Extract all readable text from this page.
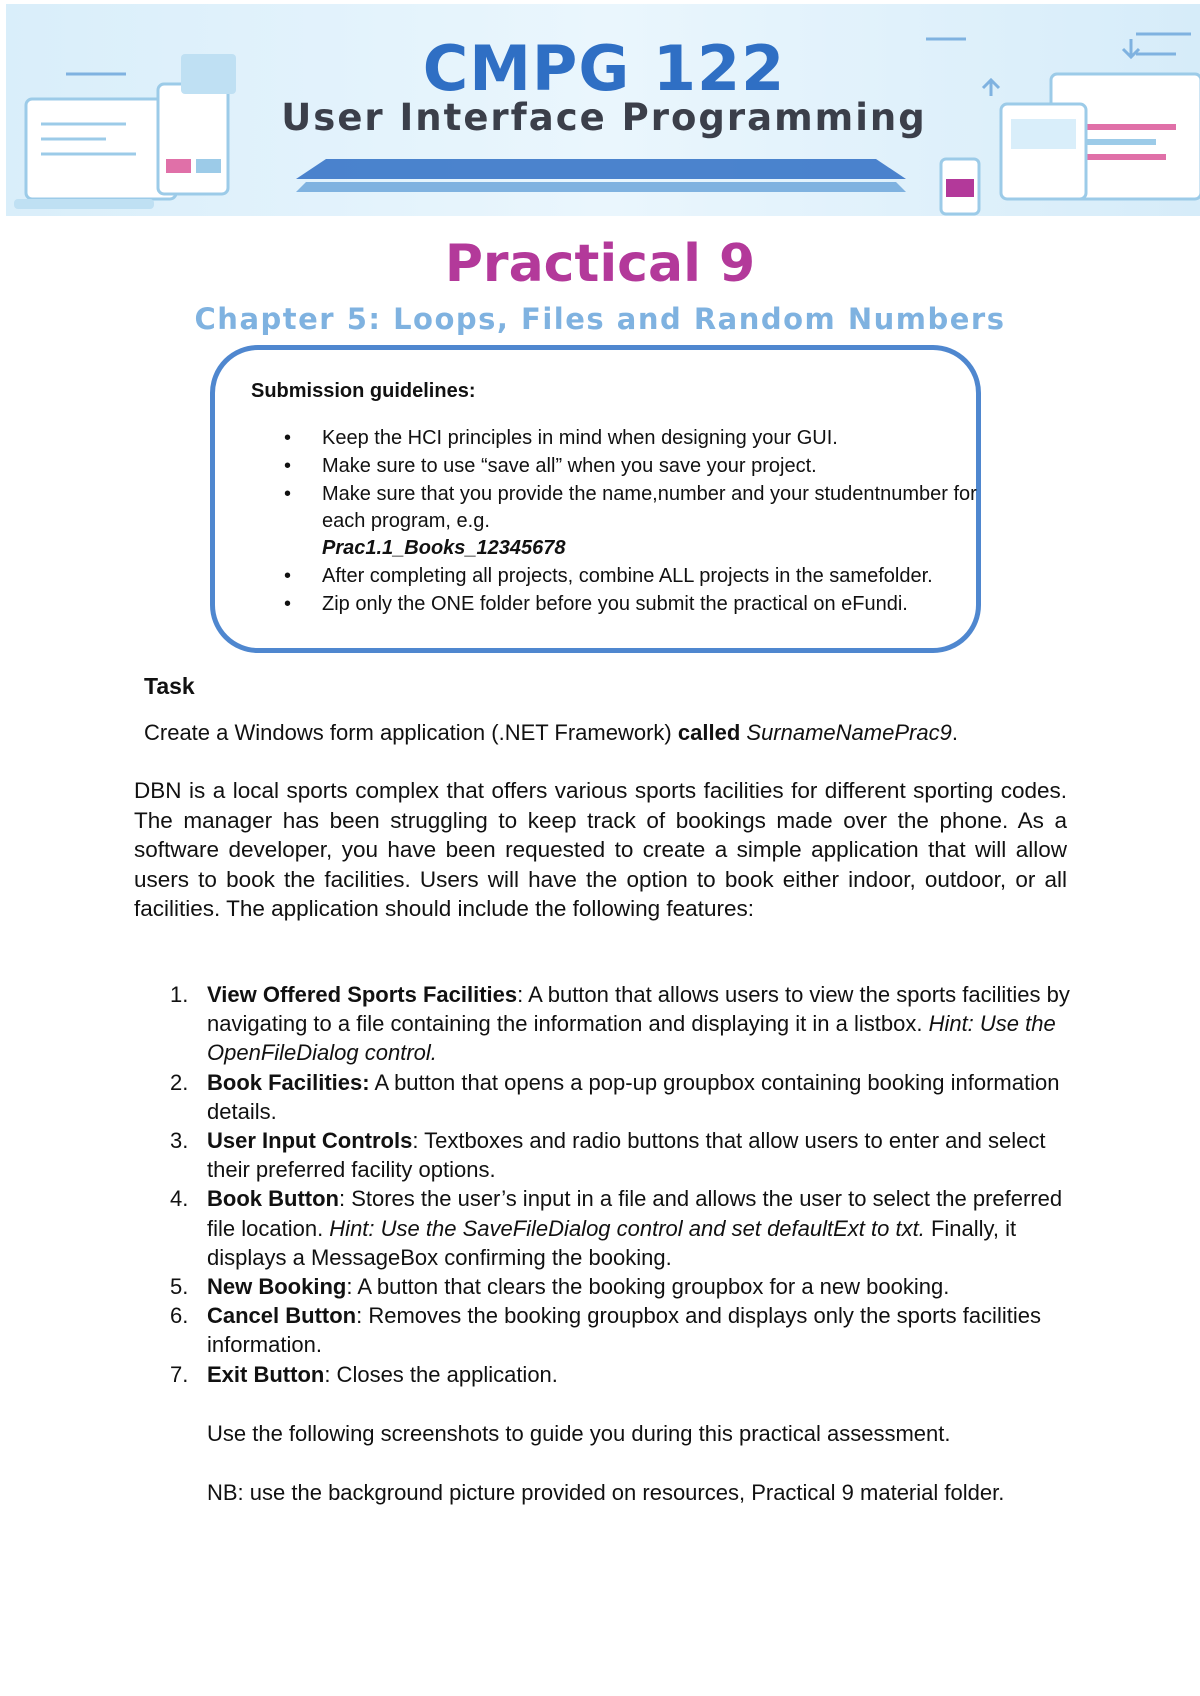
CMPG 122
User Interface Programming
Practical 9
Chapter 5: Loops, Files and Random Numbers
Submission guidelines:
• Keep the HCI principles in mind when designing your GUI.
• Make sure to use “save all” when you save your project.
• Make sure that you provide the name,number and your studentnumber for each program, e.g.
Prac1.1_Books_12345678
• After completing all projects, combine ALL projects in the samefolder.
• Zip only the ONE folder before you submit the practical on eFundi.
Task
Create a Windows form application (.NET Framework) called SurnameNamePrac9.

DBN is a local sports complex that offers various sports facilities for different sporting codes. The manager has been struggling to keep track of bookings made over the phone. As a software developer, you have been requested to create a simple application that will allow users to book the facilities. Users will have the option to book either indoor, outdoor, or all facilities. The application should include the following features:

1. View Offered Sports Facilities: A button that allows users to view the sports facilities by navigating to a file containing the information and displaying it in a listbox. Hint: Use the OpenFileDialog control.
2. Book Facilities: A button that opens a pop-up groupbox containing booking information details.
3. User Input Controls: Textboxes and radio buttons that allow users to enter and select their preferred facility options.
4. Book Button: Stores the user’s input in a file and allows the user to select the preferred file location. Hint: Use the SaveFileDialog control and set defaultExt to txt. Finally, it displays a MessageBox confirming the booking.
5. New Booking: A button that clears the booking groupbox for a new booking.
6. Cancel Button: Removes the booking groupbox and displays only the sports facilities information.
7. Exit Button: Closes the application.
Use the following screenshots to guide you during this practical assessment.
NB: use the background picture provided on resources, Practical 9 material folder.
